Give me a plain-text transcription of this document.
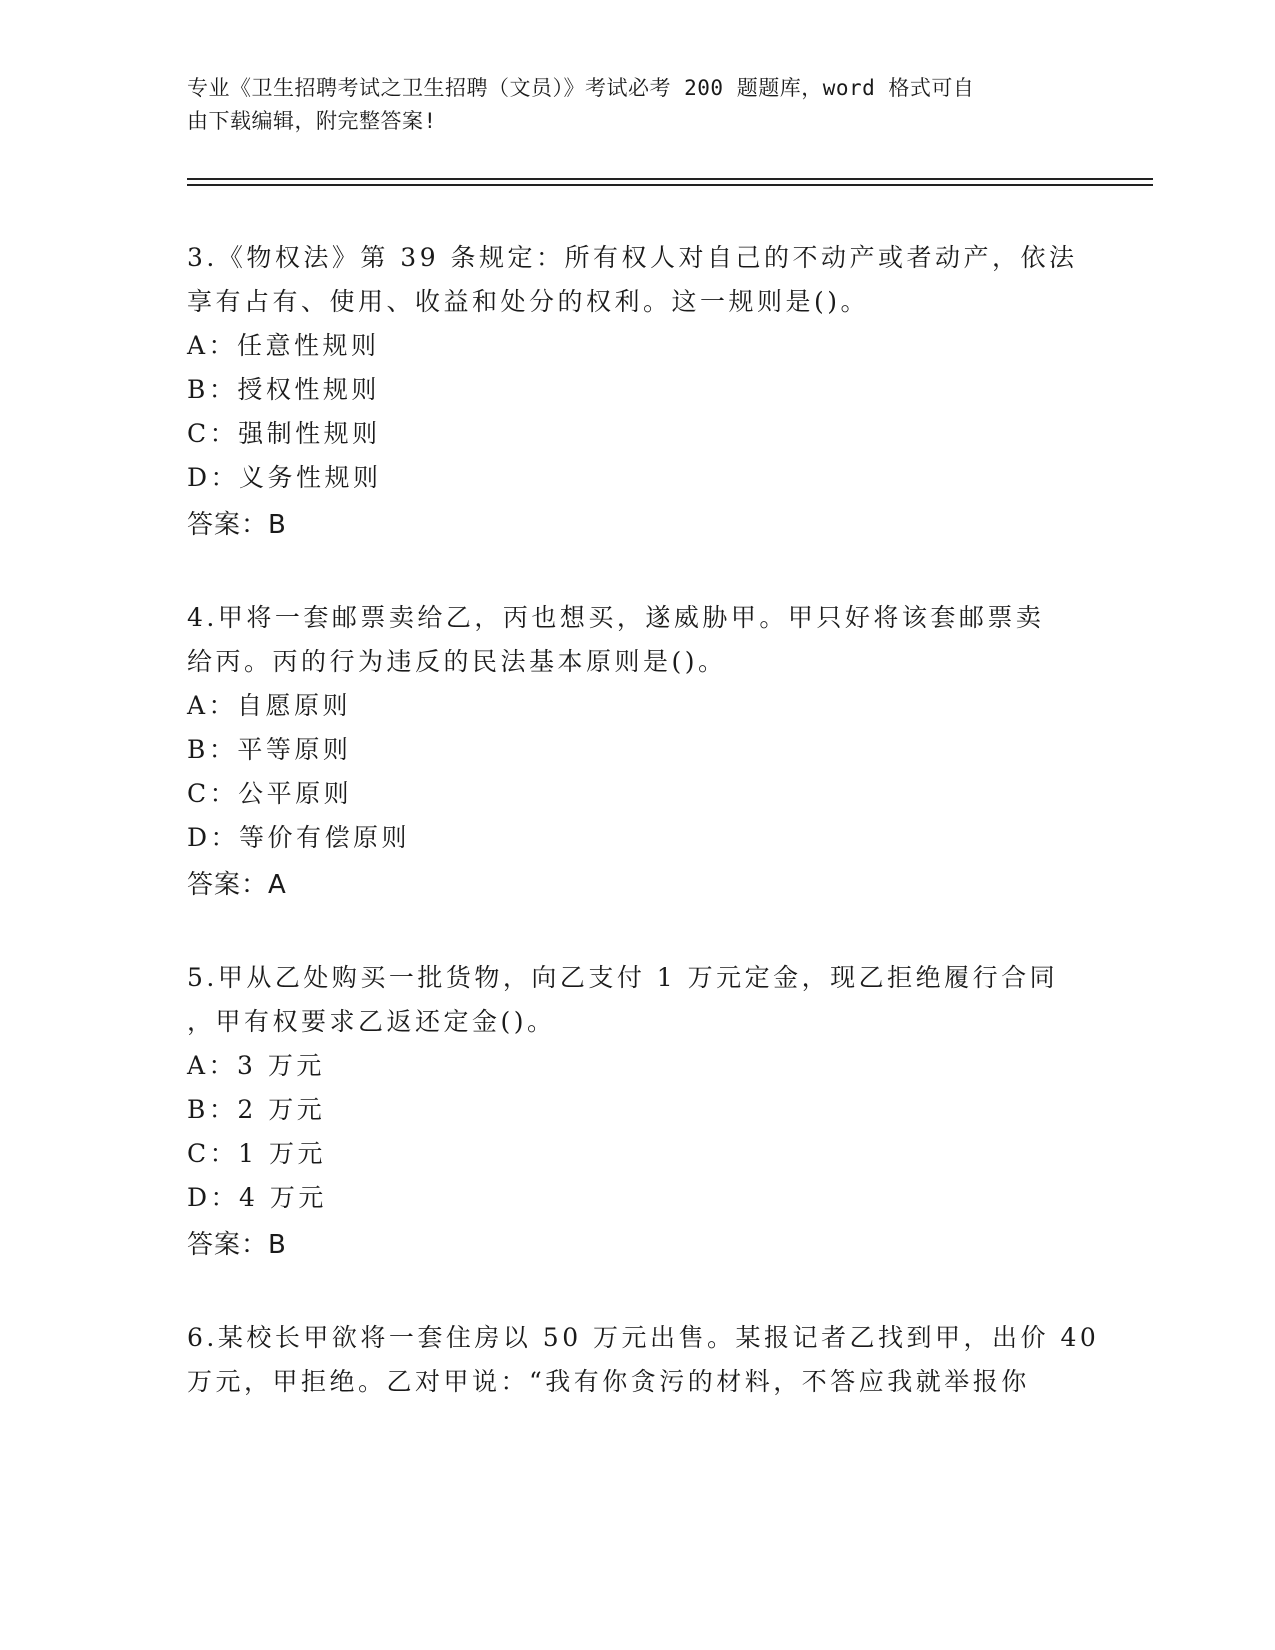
专业《卫生招聘考试之卫生招聘（文员）》考试必考 200 题题库，word 格式可自
由下载编辑，附完整答案!
3.《物权法》第 39 条规定：所有权人对自己的不动产或者动产，依法
享有占有、使用、收益和处分的权利。这一规则是()。
A：任意性规则
B：授权性规则
C：强制性规则
D：义务性规则
答案：B
4.甲将一套邮票卖给乙，丙也想买，遂威胁甲。甲只好将该套邮票卖
给丙。丙的行为违反的民法基本原则是()。
A：自愿原则
B：平等原则
C：公平原则
D：等价有偿原则
答案：A
5.甲从乙处购买一批货物，向乙支付 1 万元定金，现乙拒绝履行合同
，甲有权要求乙返还定金()。
A：3 万元
B：2 万元
C：1 万元
D：4 万元
答案：B
6.某校长甲欲将一套住房以 50 万元出售。某报记者乙找到甲，出价 40
万元，甲拒绝。乙对甲说：“我有你贪污的材料，不答应我就举报你
